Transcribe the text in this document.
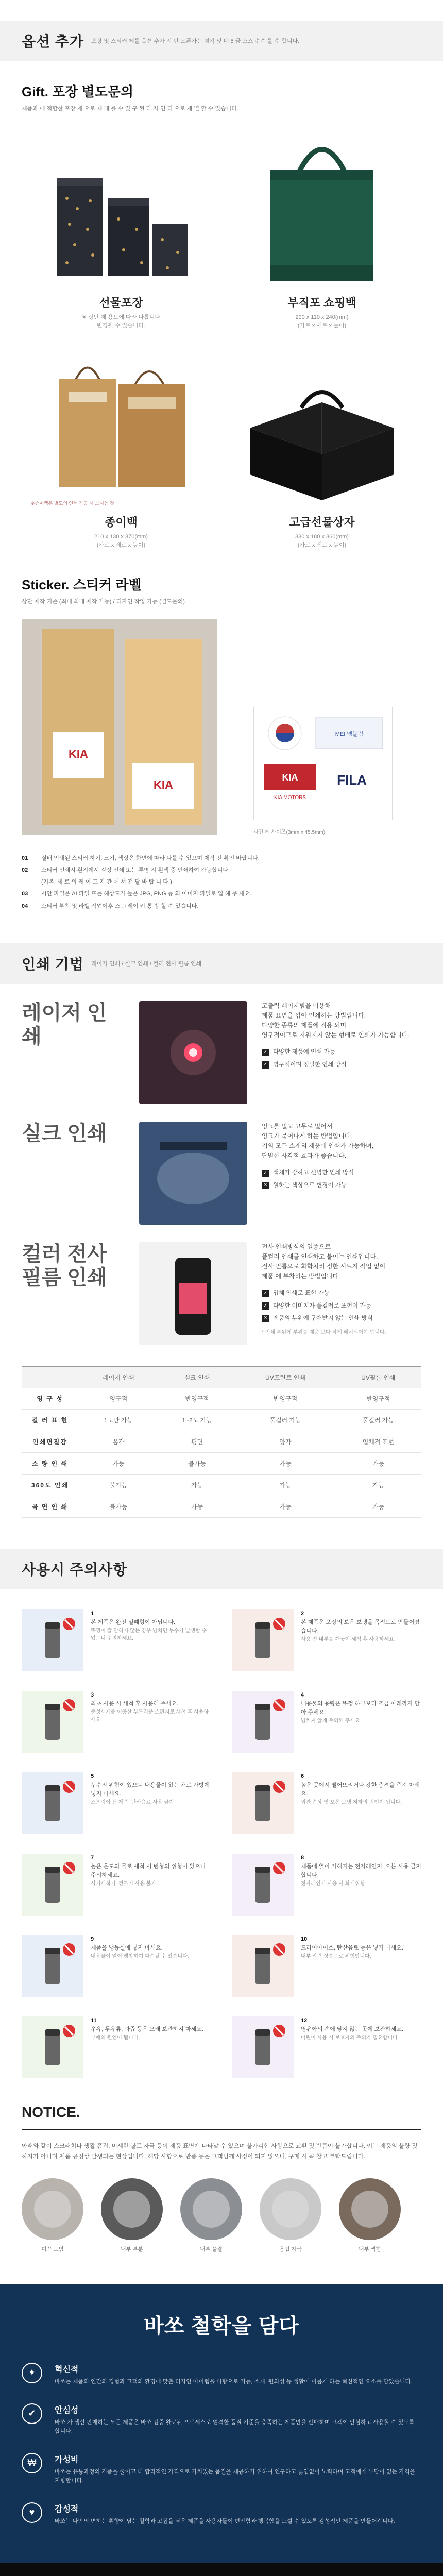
옵션 추가 포장 및 스티커 제를 옵션 추가 시 판 오픈가는 넘기 및 네 5 금 스스 수수 를 수 합니다.
Gift. 포장 별도문의
제품과 에 적합한 포장 제 으로 제 대 를 수 있 구 된 다 자 인 디 으로 제 별 할 수 있습니다.
선물포장
※ 상단 제 용도에 따라 다릅니다
변경될 수 있습니다.
부직포 쇼핑백
290 x 110 x 240(mm)
(가로 x 세로 x 높이)
※종이백은 별도의 인쇄 가공 시 보시는 것
종이백
210 x 130 x 370(mm)
(가로 x 세로 x 높이)
고급선물상자
330 x 180 x 360(mm)
(가로 x 세로 x 높이)
Sticker. 스티커 라벨
상단 제작 기준 (최대 최대 제작 가능) / 디자인 작업 가능 (별도문의)
KIA
KIA
MEI 엠블럼
KIA
KIA MOTORS
FILA
사진 제 사이즈(3mm x 45.5mm)
01	질배 인쇄된 스티커 하기, 크기, 색상은 화면에 따라 다를 수 있으며 제작 전 확인 바랍니다.
02	스티커 인쇄시 흰지에서 검정 인쇄 또는 투명 지 흰색 중 인쇄하여 가능합니다.
(기본, 세 로 의 레 이 드 지 관 에 서 전 달 바 랍 니 다.)
03	시안 파일은 AI 파일 또는 해상도가 높은 JPG, PNG 등 의 이미지 파일로 업 해 주 세요.
04	스티커 부착 및 라벨 작업이후 스 그레이 키 통 방 할 수 있습니다.
인쇄 기법 레이저 인쇄 / 실크 인쇄 / 컬러 전사 필름 인쇄
레이저 인쇄
고출력 레이저빔을 이용해
제품 표면을 깎아 인쇄하는 방법입니다.
다양한 종류의 제품에 적용 되며
영구적이므로 지워지지 않는 형태로 인쇄가 가능합니다.
✓ 다양한 제품에 인쇄 가능
✓ 영구적이며 정밀한 인쇄 방식
실크 인쇄	잉크를 밀고 고무로 밀어서
잉크가 묻어나게 하는 방법입니다.
거의 모든 소재의 제품에 인쇄가 가능하며,
단별한 사각적 효과가 좋습니다.
✓ 색채가 강하고 선명한 인쇄 방식
✕ 원하는 색상으로 변경이 가능
컬러 전사
필름 인쇄
전사 인쇄방식의 일종으로
풀컬러 인쇄를 인쇄하고 붙이는 인쇄입니다.
전사 필름으로 화학처리 정한 시트지 작업 없이
제품 에 부착하는 방법입니다.
✓ 입체 인쇄로 표현 가능
✓ 다양한 이미지가 풀컬러로 표현이 가능
✕ 제품의 부위에 구애받지 않는 인쇄 방식
* 인쇄 부위에 부위를 제품 보다 작게 배치되어야 합니다.
	레이저 인쇄	실크 인쇄	UV프린트 인쇄	UV필름 인쇄
영 구 성	영구적	반영구적	반영구적	반영구적
컬 러 표 현	1도만 가능	1~2도 가능	풀컬러 가능	풀컬러 가능
인쇄면질감	음각	평면	양각	입체적 표현
소 량 인 쇄	가능	불가능	가능	가능
360도 인쇄	불가능	가능	가능	가능
곡 면 인 쇄	불가능	가능	가능	가능
사용시 주의사항
1
본 제품은 완전 밀폐형이 아닙니다.
뚜껑이 잘 닫히지 않는 경우 넘치면 누수가 발생할 수 있으니 주의하세요.
2
본 제품은 포장의 보온 보냉을 목적으로 만들어졌습니다.
사용 전 내부를 깨끗이 세척 후 사용하세요.
3
최초 사용 시 세척 후 사용해 주세요.
중성세제를 이용한 부드러운 스펀지로 세척 후 사용하세요.
4
내용물의 용량은 뚜껑 하부보다 조금 아래까지 담아 주세요.
넘치지 않게 주의해 주세요.
5
누수의 위험이 있으니 내용물이 있는 채로 가방에 넣지 마세요.
스프링이 든 제품, 탄산음료 사용 금지
6
높은 곳에서 떨어뜨리거나 강한 충격을 주지 마세요.
외관 손상 및 보온 보냉 저하의 원인이 됩니다.
7
높은 온도의 물로 세척 시 변형의 위험이 있으니 주의하세요.
식기세척기, 건조기 사용 불가
8
제품에 열이 가해지는 전자레인지, 오븐 사용 금지합니다.
전자레인지 사용 시 화재위험
9
제품을 냉동실에 넣지 마세요.
내용물이 얼어 팽창하여 파손될 수 있습니다.
10
드라이아이스, 탄산음료 등은 넣지 마세요.
내부 압력 상승으로 위험합니다.
11
우유, 두유류, 과즙 등은 오래 보관하지 마세요.
부패의 원인이 됩니다.
12
영유아의 손에 닿지 않는 곳에 보관하세요.
어린이 사용 시 보호자의 주의가 필요합니다.
NOTICE.
아래와 같이 스크래치나 생활 흠집, 미세한 볼트 자국 등이 제품 표면에 나타날 수 있으며 불가피한 사항으로 교환 및 반품이 불가합니다. 이는 제품의 불량 및 하자가 아니며 제품 공정상 발생되는 현상입니다. 해당 사항으로 반품 등은 고객님께 사정이 되지 않으니, 구매 시 꼭 참고 부탁드립니다.
미끈 오염	내부 부분	내부 물결	용접 자국	내부 찍힘
바쏘 철학을 담다
✦	혁신적
바쏘는 제품의 인간의 경험과 고객의 환경에 맞춘 디자인 아이템을 바탕으로 기능, 소재, 편의성 등 생활에 이롭게 하는 혁신적인 요소를 담았습니다.
✔	안심성
바쏘 가 생산 판매하는 모든 제품은 바쏘 검증 완료된 프로세스로 엄격한 품질 기준을 충족하는 제품만을 판매하며 고객이 안심하고 사용할 수 있도록 합니다.
₩	가성비
바쏘는 유통과정의 거품을 줄이고 더 합리적인 가격으로 가치있는 품질을 제공하기 위하여 연구하고 끊임없이 노력하며 고객에게 부담이 없는 가격을 지향합니다.
♥	감성적
바쏘는 나만의 변하는 취향이 담는 철학과 고집을 담은 제품을 사용자들이 편안함과 행복함을 느낄 수 있도록 감성적인 제품을 만들어갑니다.
